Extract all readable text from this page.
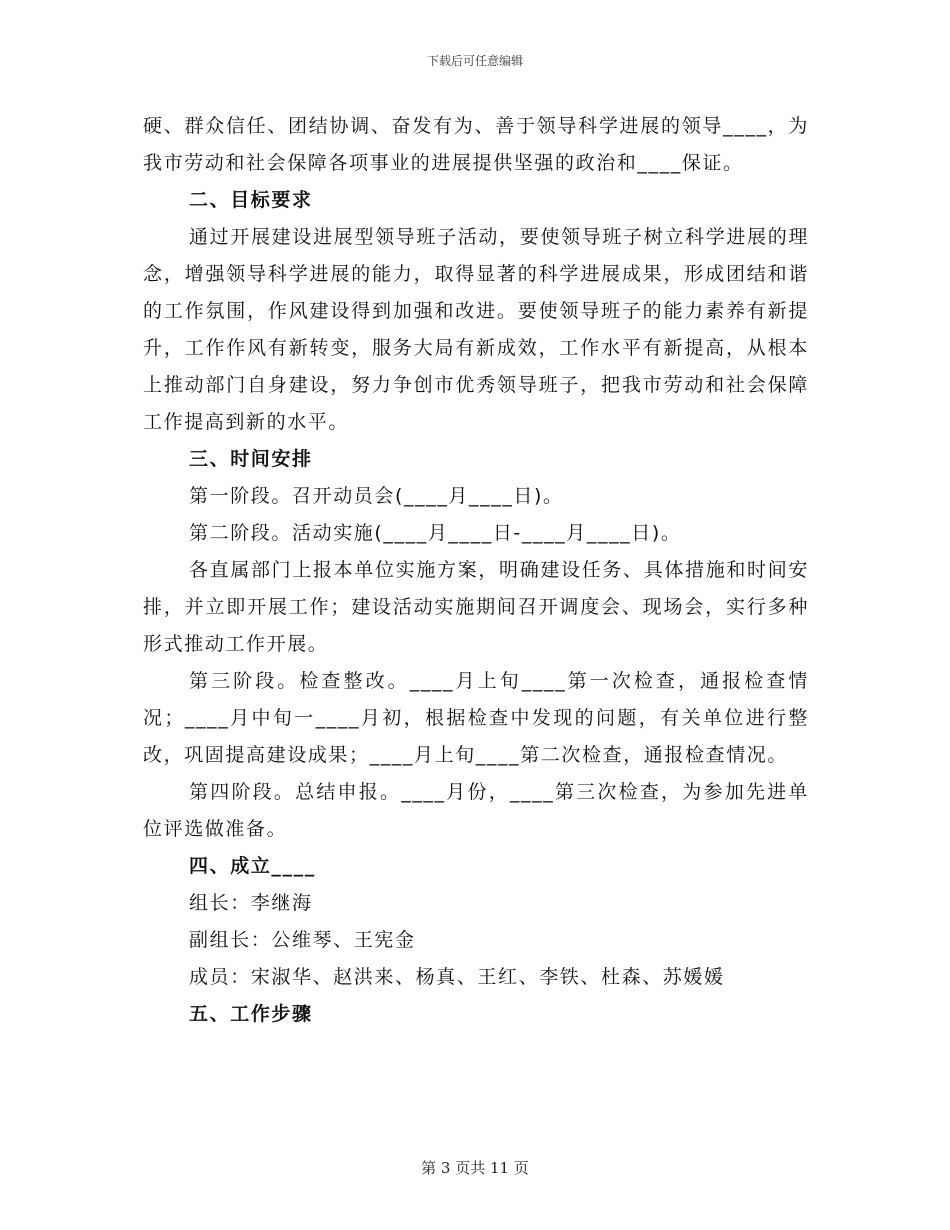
下载后可任意编辑

硬、群众信任、团结协调、奋发有为、善于领导科学进展的领导____，为我市劳动和社会保障各项事业的进展提供坚强的政治和____保证。

二、目标要求

通过开展建设进展型领导班子活动，要使领导班子树立科学进展的理念，增强领导科学进展的能力，取得显著的科学进展成果，形成团结和谐的工作氛围，作风建设得到加强和改进。要使领导班子的能力素养有新提升，工作作风有新转变，服务大局有新成效，工作水平有新提高，从根本上推动部门自身建设，努力争创市优秀领导班子，把我市劳动和社会保障工作提高到新的水平。

三、时间安排

第一阶段。召开动员会(____月____日)。

第二阶段。活动实施(____月____日-____月____日)。

各直属部门上报本单位实施方案，明确建设任务、具体措施和时间安排，并立即开展工作；建设活动实施期间召开调度会、现场会，实行多种形式推动工作开展。

第三阶段。检查整改。____月上旬____第一次检查，通报检查情况；____月中旬一____月初，根据检查中发现的问题，有关单位进行整改，巩固提高建设成果；____月上旬____第二次检查，通报检查情况。

第四阶段。总结申报。____月份，____第三次检查，为参加先进单位评选做准备。

四、成立____

组长：李继海

副组长：公维琴、王宪金

成员：宋淑华、赵洪来、杨真、王红、李铁、杜森、苏媛媛

五、工作步骤
第 3 页共 11 页
